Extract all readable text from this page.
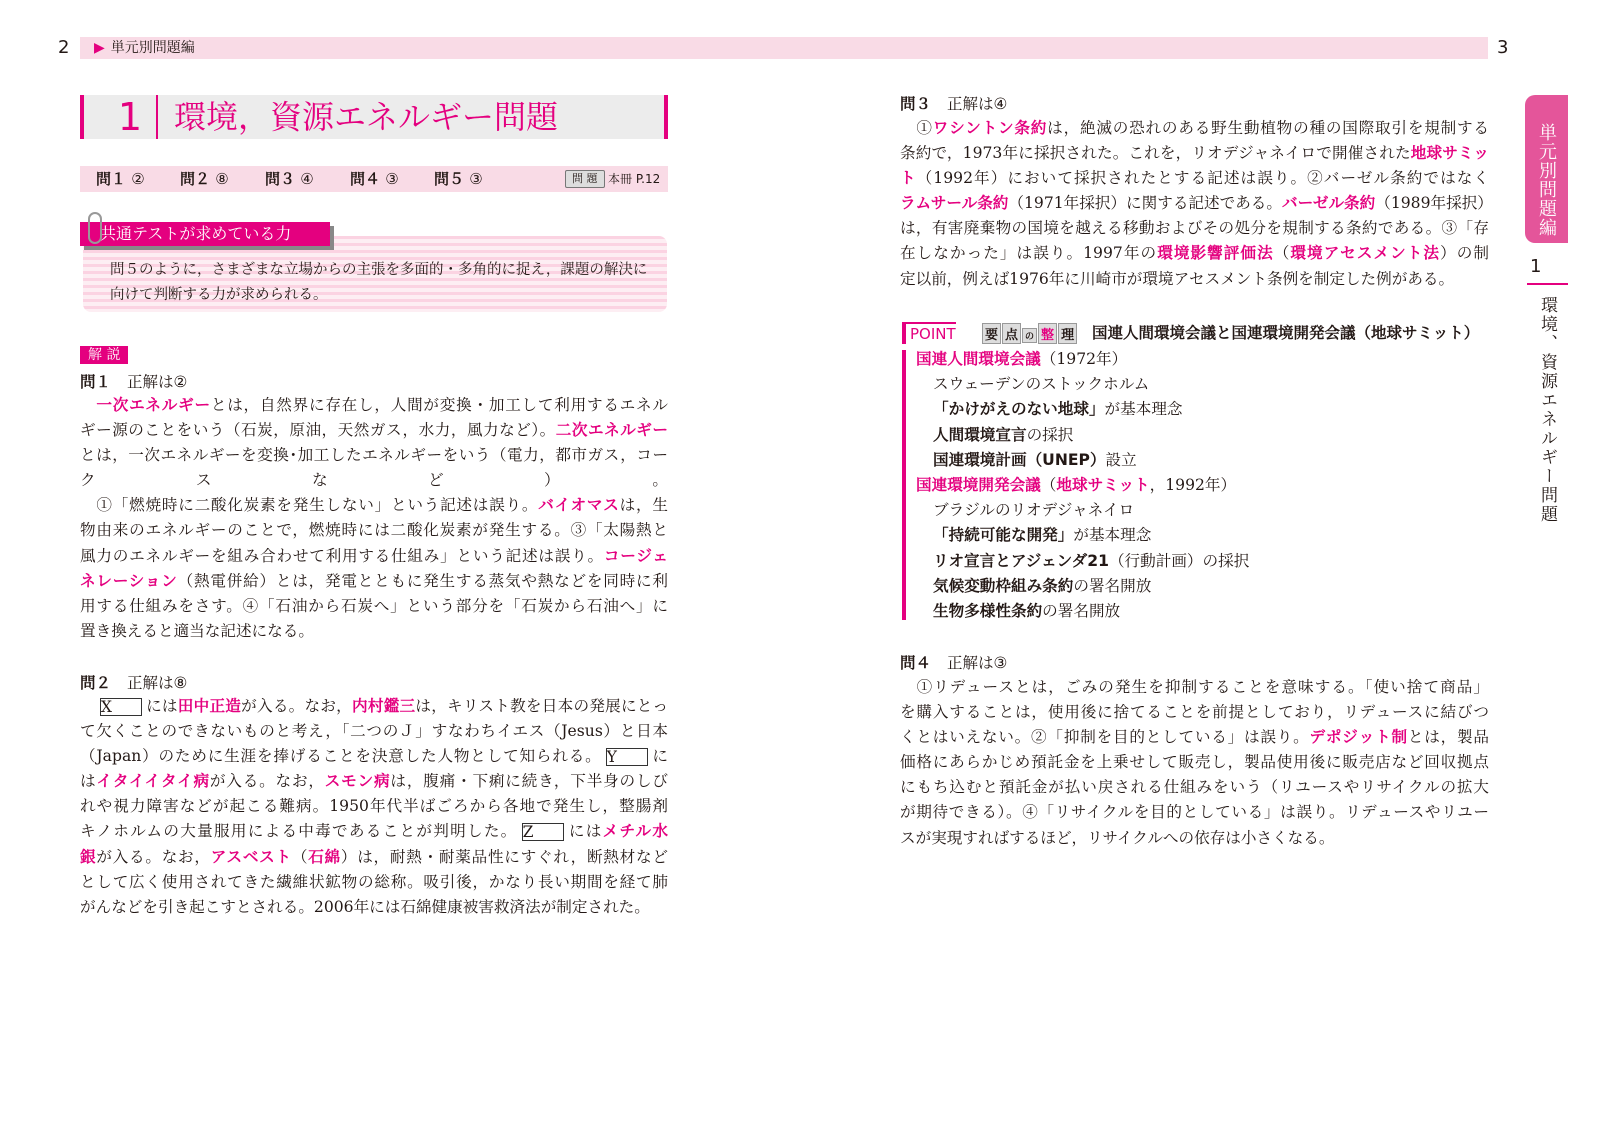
2	3
▶ 単元別問題編
1 環境，資源エネルギー問題
問１ ② 問２ ⑧ 問３ ④ 問４ ③ 問５ ③	問 題 本冊 P.12
共通テストが求めている力
問５のように，さまざまな立場からの主張を多面的・多角的に捉え，課題の解決に
向けて判断する力が求められる。
解 説
問１ 正解は②
　一次エネルギーとは，自然界に存在し，人間が変換・加工して利用するエネル
ギー源のことをいう（石炭，原油，天然ガス，水力，風力など）。二次エネルギー
とは，一次エネルギーを変換･加工したエネルギーをいう（電力，都市ガス，コー
クスなど）。
　①「燃焼時に二酸化炭素を発生しない」という記述は誤り。バイオマスは，生
物由来のエネルギーのことで，燃焼時には二酸化炭素が発生する。③「太陽熱と
風力のエネルギーを組み合わせて利用する仕組み」という記述は誤り。コージェ
ネレーション（熱電併給）とは，発電とともに発生する蒸気や熱などを同時に利
用する仕組みをさす。④「石油から石炭へ」という部分を「石炭から石油へ」に
置き換えると適当な記述になる。
問２ 正解は⑧
　X には田中正造が入る。なお，内村鑑三は，キリスト教を日本の発展にとっ
て欠くことのできないものと考え，「二つのＪ」すなわちイエス（Jesus）と日本
（Japan）のために生涯を捧げることを決意した人物として知られる。 Y に
はイタイイタイ病が入る。なお，スモン病は，腹痛・下痢に続き，下半身のしび
れや視力障害などが起こる難病。1950年代半ばごろから各地で発生し，整腸剤
キノホルムの大量服用による中毒であることが判明した。 Z にはメチル水
銀が入る。なお，アスベスト（石綿）は，耐熱・耐薬品性にすぐれ，断熱材など
として広く使用されてきた繊維状鉱物の総称。吸引後，かなり長い期間を経て肺
がんなどを引き起こすとされる。2006年には石綿健康被害救済法が制定された。
問３ 正解は④
　①ワシントン条約は，絶滅の恐れのある野生動植物の種の国際取引を規制する
条約で，1973年に採択された。これを，リオデジャネイロで開催された地球サミッ
ト（1992年）において採択されたとする記述は誤り。②バーゼル条約ではなく
ラムサール条約（1971年採択）に関する記述である。バーゼル条約（1989年採択）
は，有害廃棄物の国境を越える移動およびその処分を規制する条約である。③「存
在しなかった」は誤り。1997年の環境影響評価法（環境アセスメント法）の制
定以前，例えば1976年に川崎市が環境アセスメント条例を制定した例がある。
POINT 要 点 の 整 理 国連人間環境会議と国連環境開発会議（地球サミット）
国連人間環境会議（1972年）
スウェーデンのストックホルム
「かけがえのない地球」が基本理念
人間環境宣言の採択
国連環境計画（UNEP）設立
国連環境開発会議（地球サミット，1992年）
ブラジルのリオデジャネイロ
「持続可能な開発」が基本理念
リオ宣言とアジェンダ21（行動計画）の採択
気候変動枠組み条約の署名開放
生物多様性条約の署名開放
問４ 正解は③
　①リデュースとは，ごみの発生を抑制することを意味する。「使い捨て商品」
を購入することは，使用後に捨てることを前提としており，リデュースに結びつ
くとはいえない。②「抑制を目的としている」は誤り。デポジット制とは，製品
価格にあらかじめ預託金を上乗せして販売し，製品使用後に販売店など回収拠点
にもち込むと預託金が払い戻される仕組みをいう（リユースやリサイクルの拡大
が期待できる）。④「リサイクルを目的としている」は誤り。リデュースやリユー
スが実現すればするほど，リサイクルへの依存は小さくなる。
単元別問題編
1
環境、資源エネルギー問題
